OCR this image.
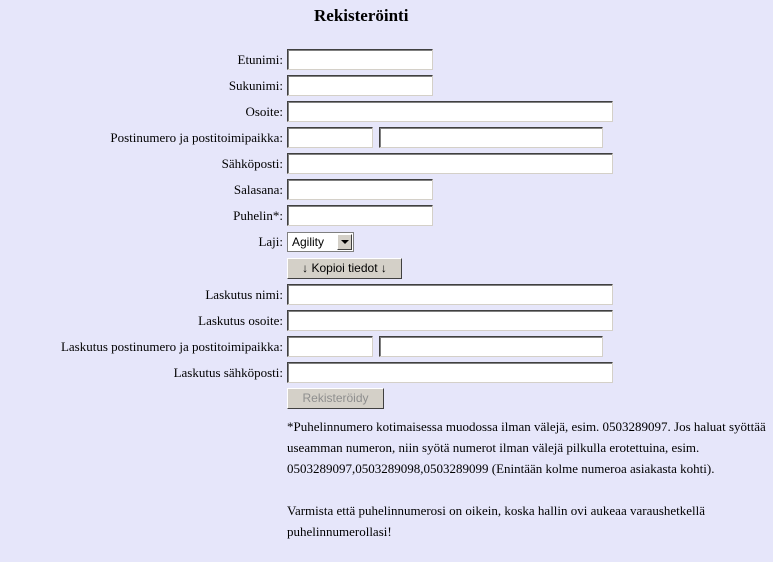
Rekisteröinti
Etunimi:
Sukunimi:
Osoite:
Postinumero ja postitoimipaikka:
Sähköposti:
Salasana:
Puhelin*:
Laji: Agility
↓ Kopioi tiedot ↓
Laskutus nimi:
Laskutus osoite:
Laskutus postinumero ja postitoimipaikka:
Laskutus sähköposti:
Rekisteröidy

*Puhelinnumero kotimaisessa muodossa ilman välejä, esim. 0503289097. Jos haluat syöttää useamman numeron, niin syötä numerot ilman välejä pilkulla erotettuina, esim. 0503289097,0503289098,0503289099 (Enintään kolme numeroa asiakasta kohti).

Varmista että puhelinnumerosi on oikein, koska hallin ovi aukeaa varaushetkellä puhelinnumerollasi!
